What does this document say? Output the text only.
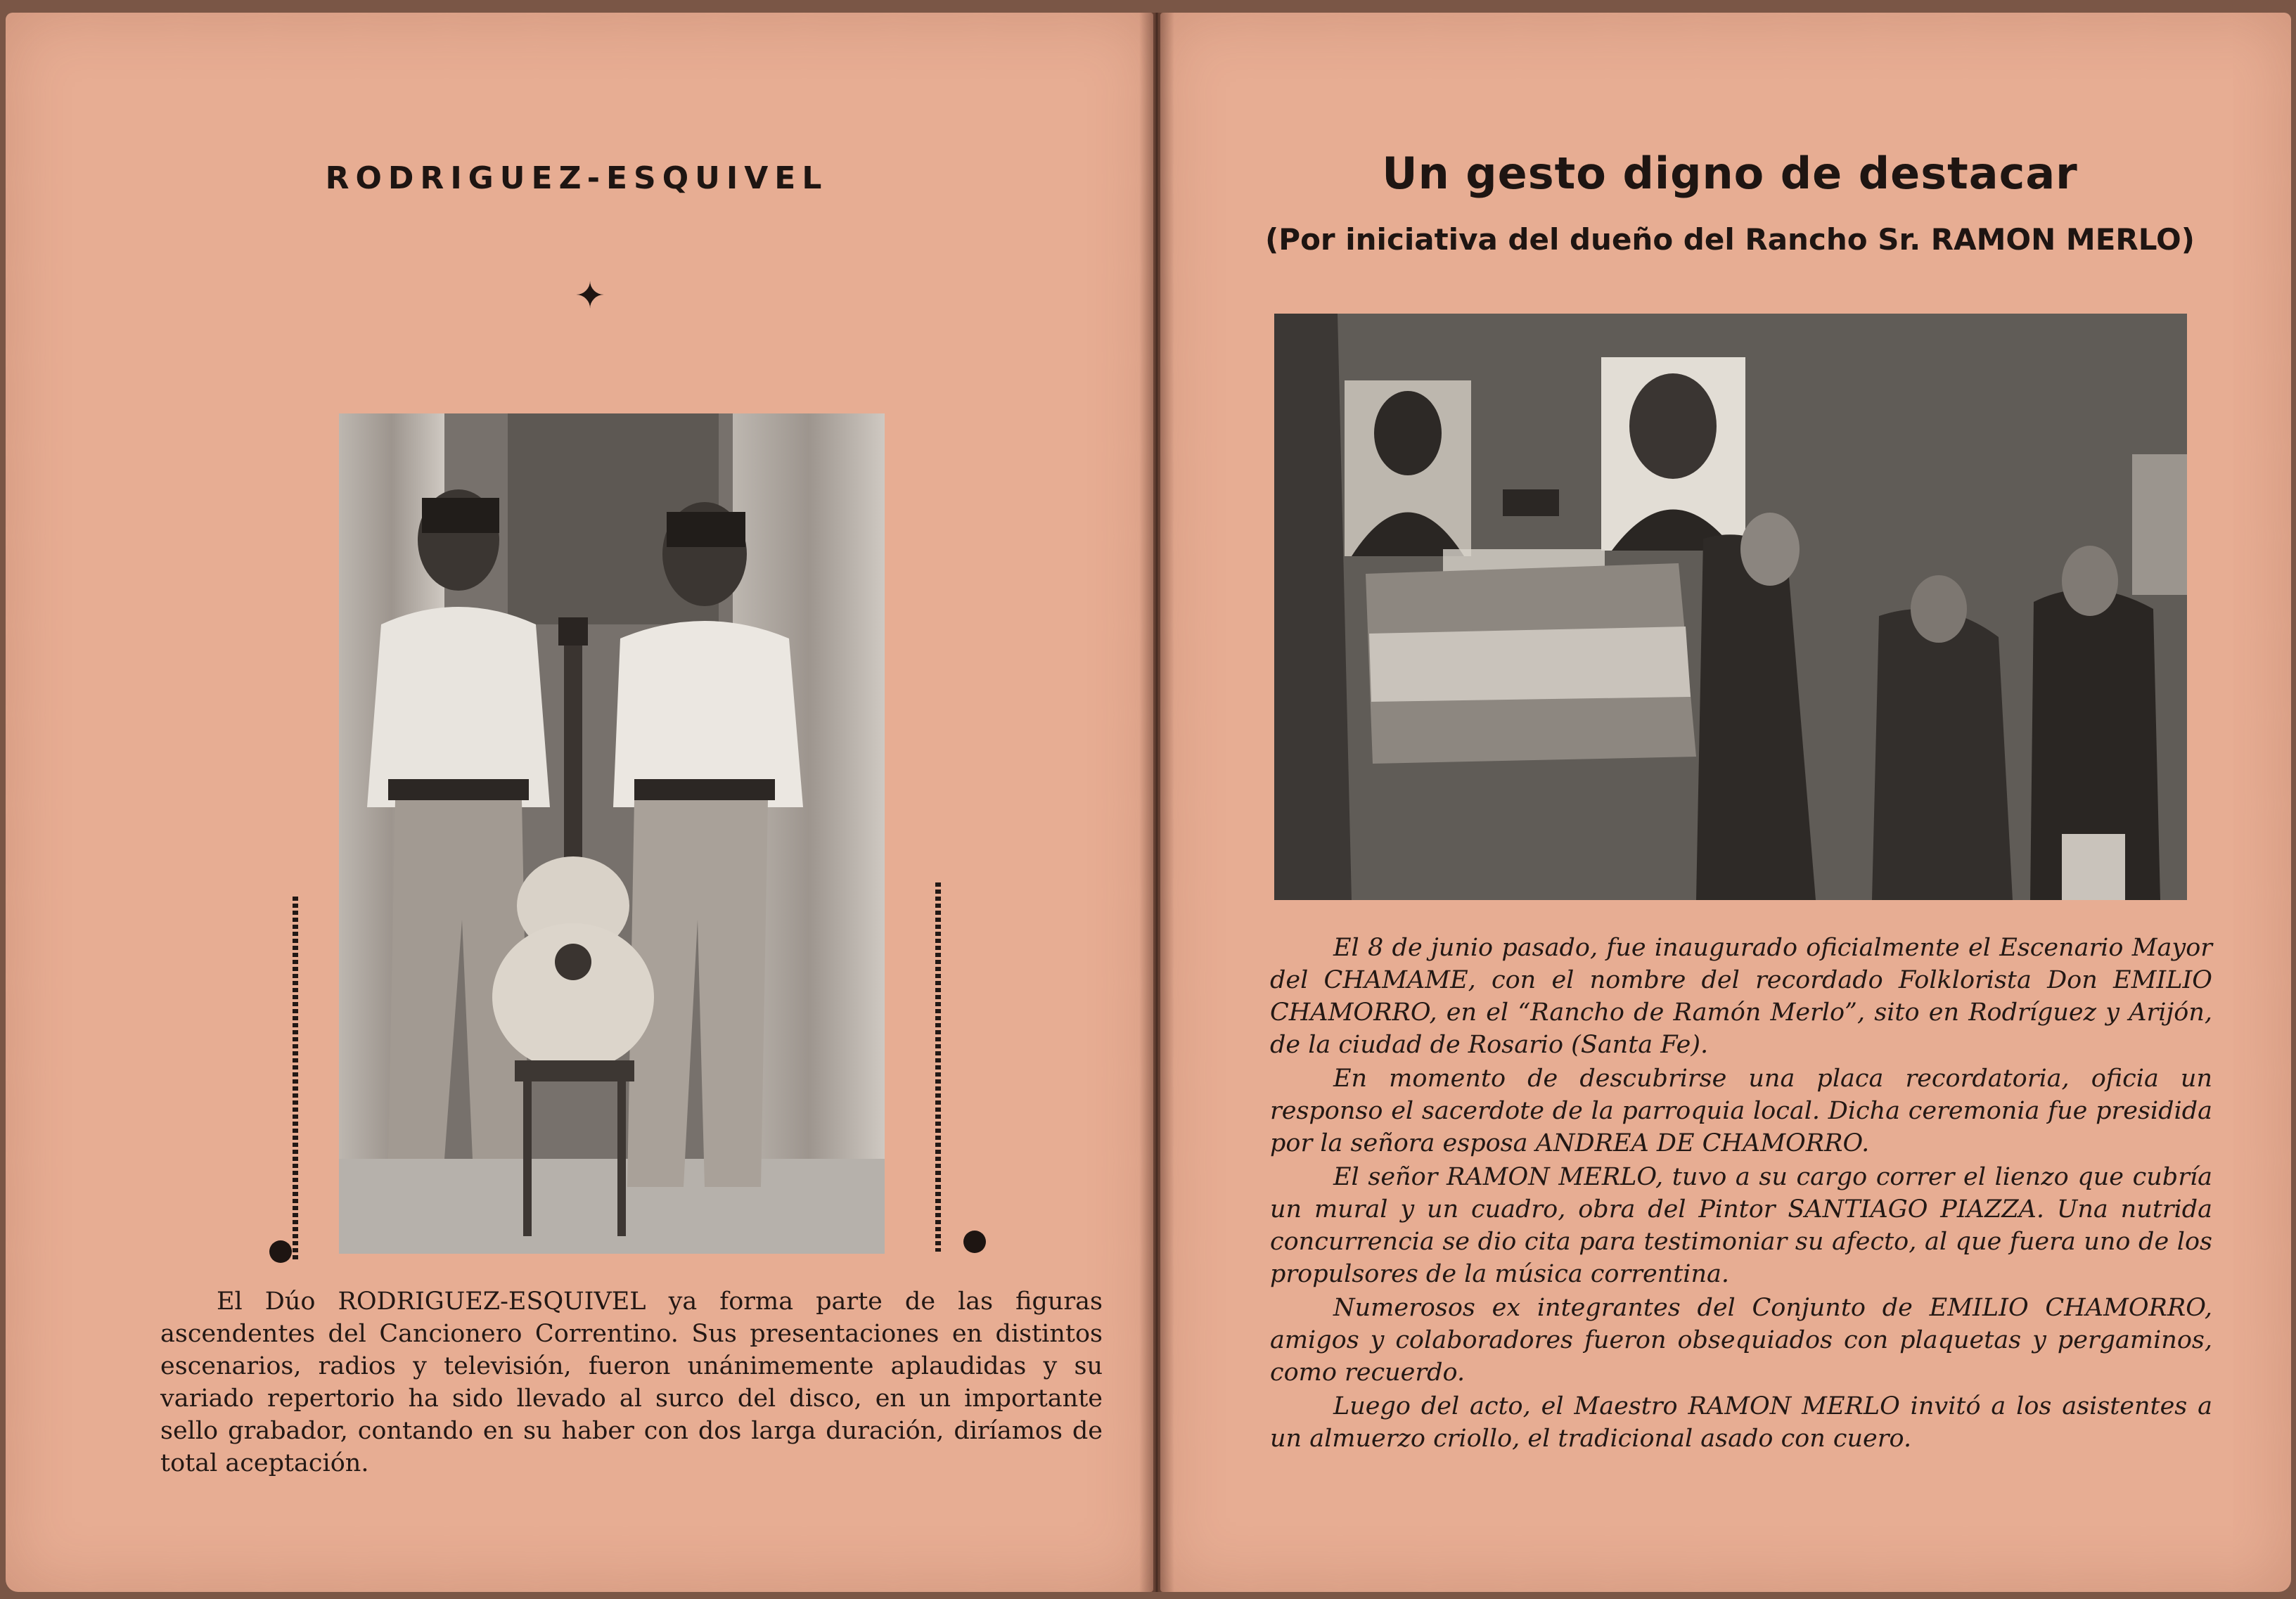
RODRIGUEZ-ESQUIVEL
✦

El Dúo RODRIGUEZ-ESQUIVEL ya forma parte de las figuras ascendentes del Cancionero Correntino. Sus presentaciones en distintos escenarios, radios y televisión, fueron unánimemente aplaudidas y su variado repertorio ha sido llevado al surco del disco, en un importante sello grabador, contando en su haber con dos larga duración, diríamos de total aceptación.

Un gesto digno de destacar
(Por iniciativa del dueño del Rancho Sr. RAMON MERLO)

El 8 de junio pasado, fue inaugurado oficialmente el Escenario Mayor del CHAMAME, con el nombre del recordado Folklorista Don EMILIO CHAMORRO, en el “Rancho de Ramón Merlo”, sito en Rodríguez y Arijón, de la ciudad de Rosario (Santa Fe).

En momento de descubrirse una placa recordatoria, oficia un responso el sacerdote de la parroquia local. Dicha ceremonia fue presidida por la señora esposa ANDREA DE CHAMORRO.

El señor RAMON MERLO, tuvo a su cargo correr el lienzo que cubría un mural y un cuadro, obra del Pintor SANTIAGO PIAZZA. Una nutrida concurrencia se dio cita para testimoniar su afecto, al que fuera uno de los propulsores de la música correntina.

Numerosos ex integrantes del Conjunto de EMILIO CHAMORRO, amigos y colaboradores fueron obsequiados con plaquetas y pergaminos, como recuerdo.

Luego del acto, el Maestro RAMON MERLO invitó a los asistentes a un almuerzo criollo, el tradicional asado con cuero.
